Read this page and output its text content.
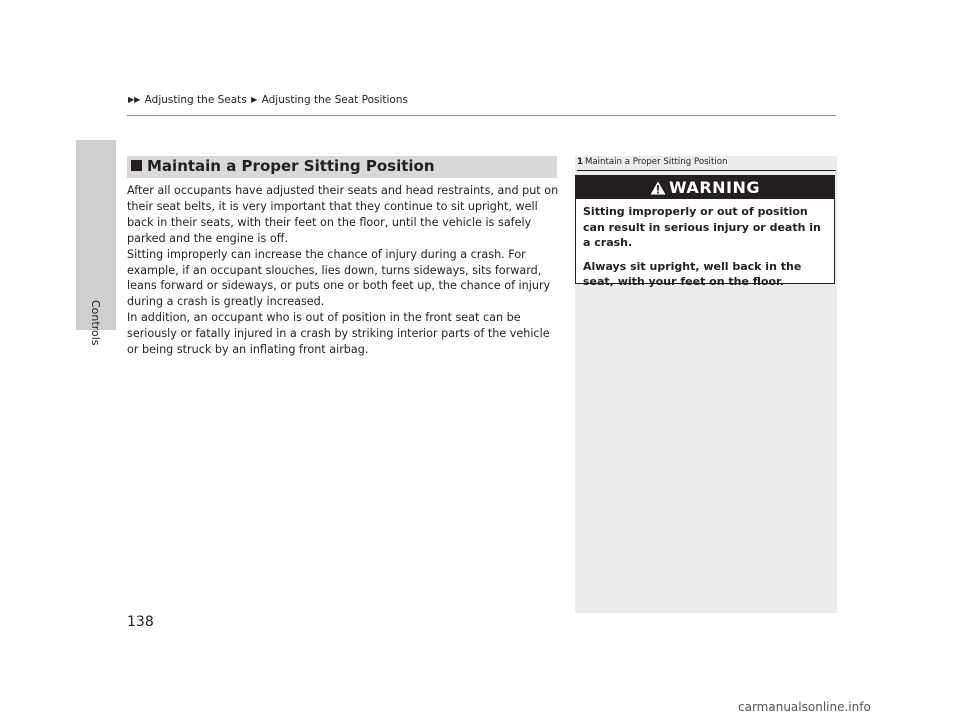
Controls
▶▶ Adjusting the Seats ▶ Adjusting the Seat Positions
Maintain a Proper Sitting Position

After all occupants have adjusted their seats and head restraints, and put on their seat belts, it is very important that they continue to sit upright, well back in their seats, with their feet on the floor, until the vehicle is safely parked and the engine is off.

Sitting improperly can increase the chance of injury during a crash. For example, if an occupant slouches, lies down, turns sideways, sits forward, leans forward or sideways, or puts one or both feet up, the chance of injury during a crash is greatly increased.

In addition, an occupant who is out of position in the front seat can be seriously or fatally injured in a crash by striking interior parts of the vehicle or being struck by an inflating front airbag.

138
1 Maintain a Proper Sitting Position
WARNING

Sitting improperly or out of position can result in serious injury or death in a crash.

Always sit upright, well back in the seat, with your feet on the floor.

carmanualsonline.info
